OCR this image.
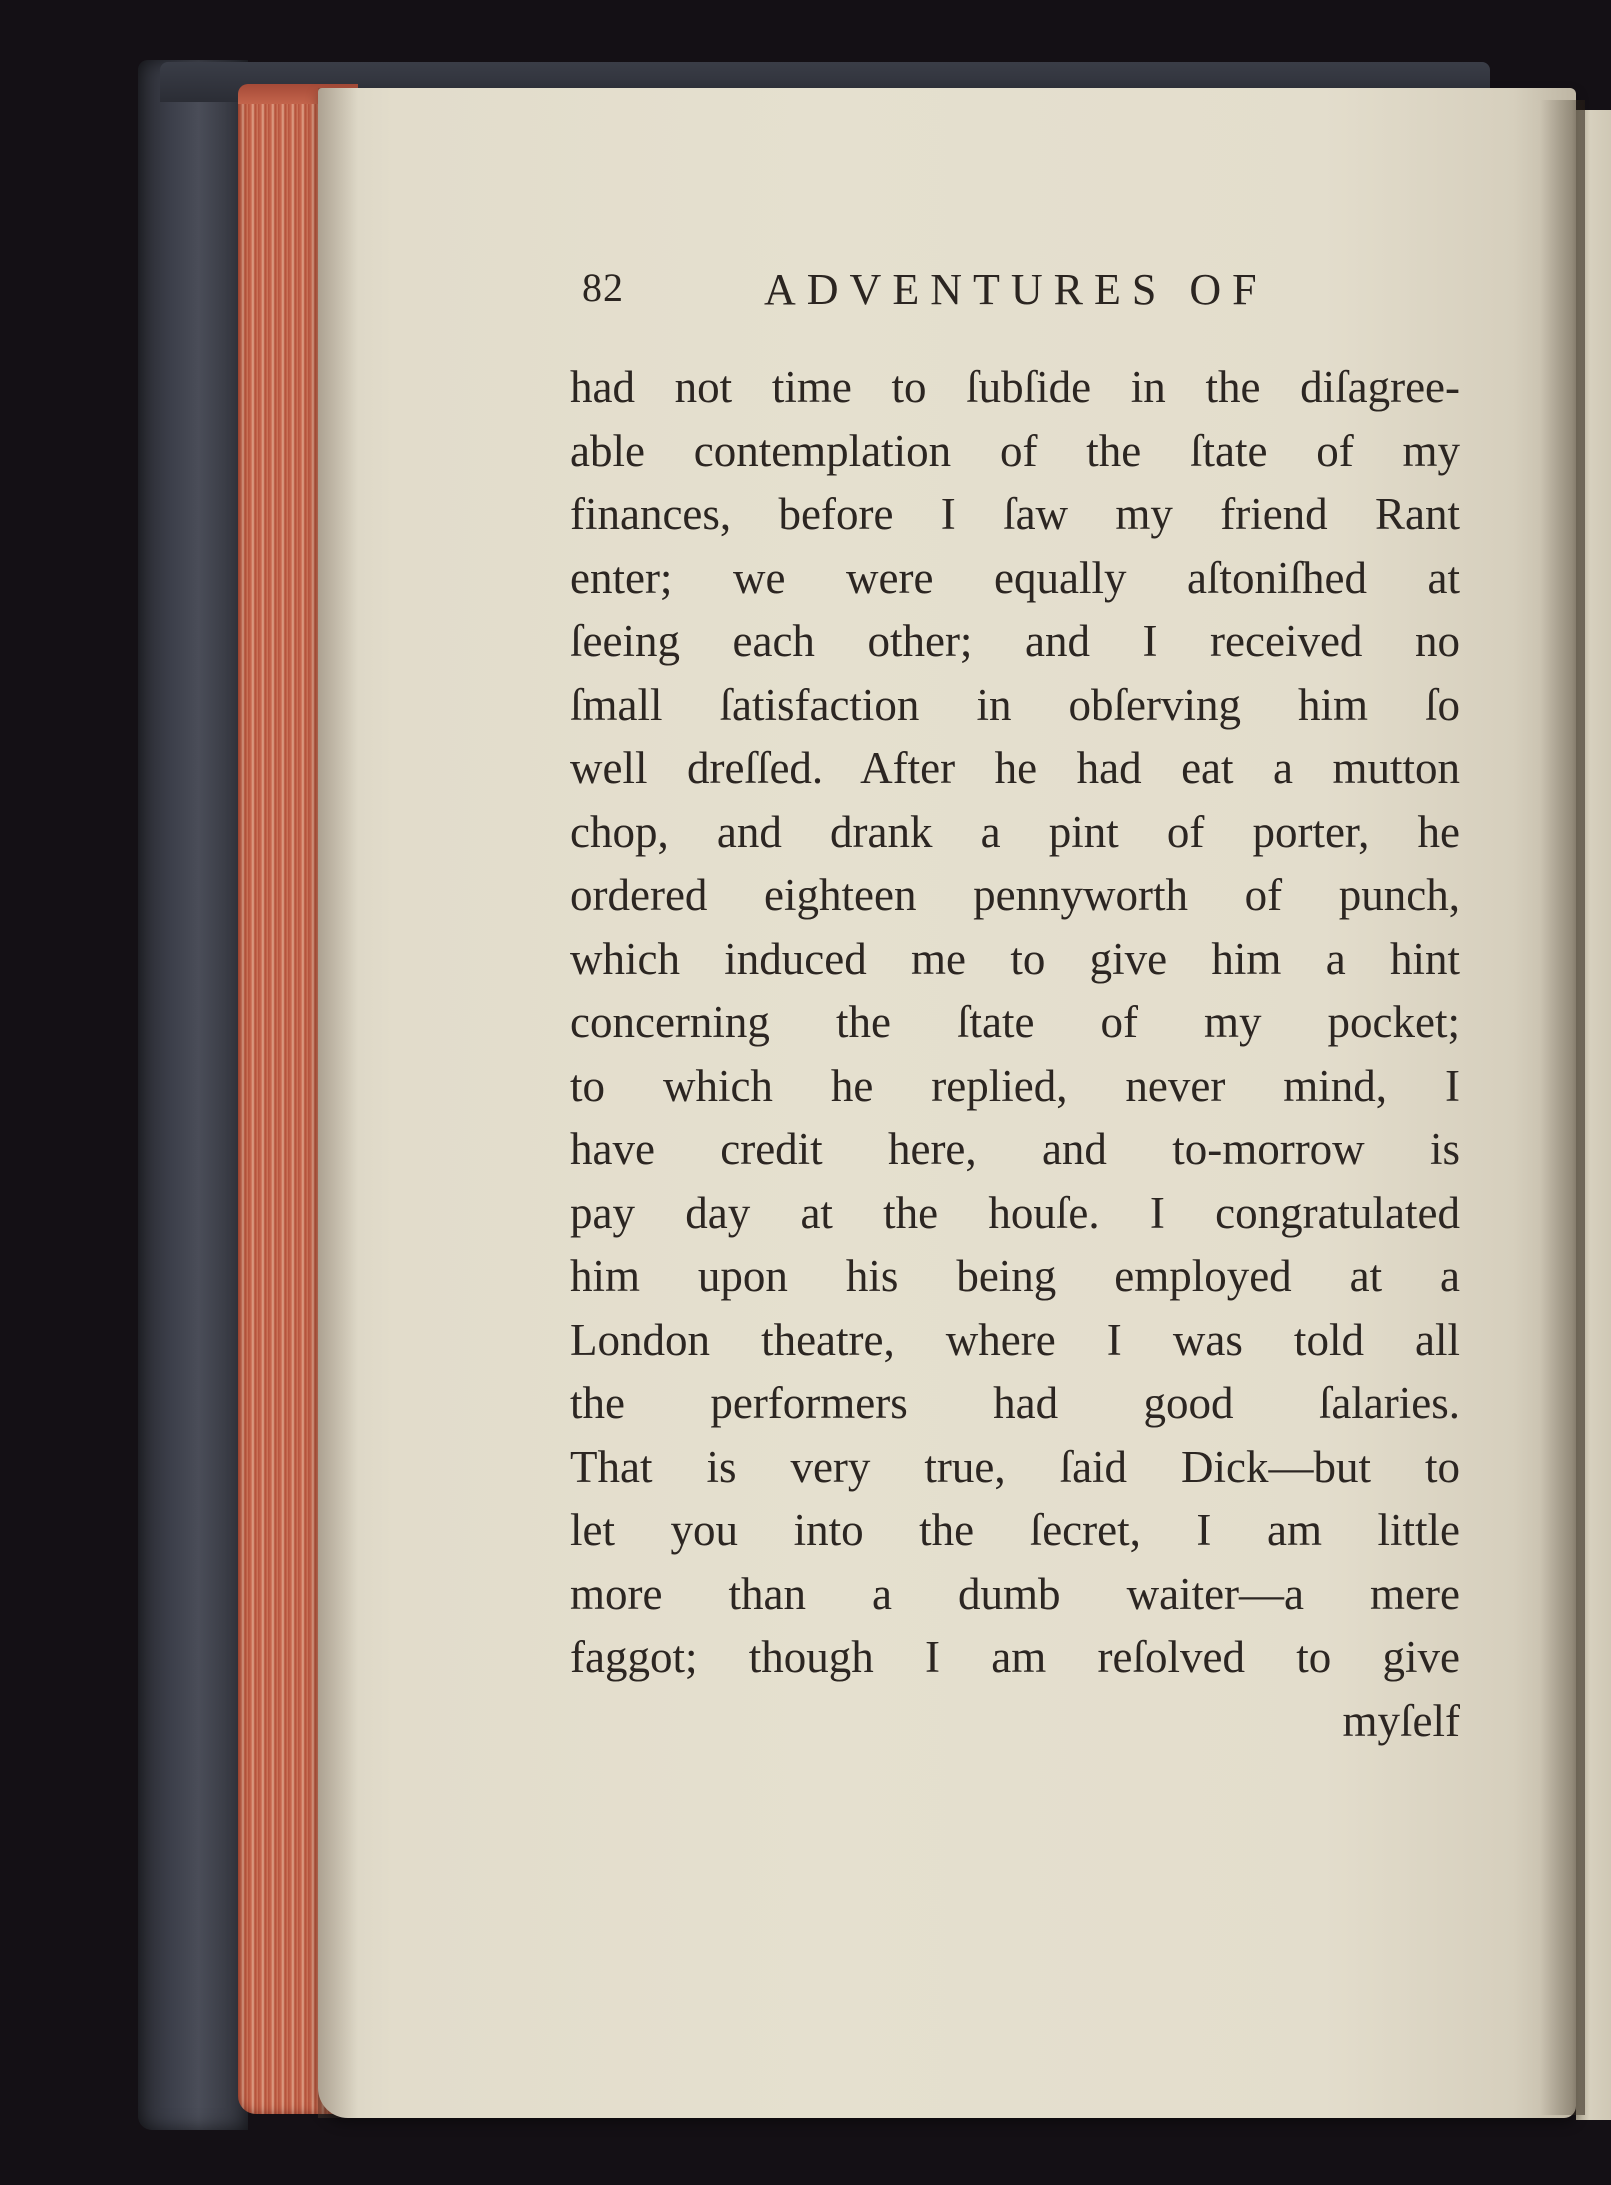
82	ADVENTURES OF
had not time to ſubſide in the diſagree-
able contemplation of the ſtate of my
finances, before I ſaw my friend Rant
enter; we were equally aſtoniſhed at
ſeeing each other; and I received no
ſmall ſatisfaction in obſerving him ſo
well dreſſed. After he had eat a mutton
chop, and drank a pint of porter, he
ordered eighteen pennyworth of punch,
which induced me to give him a hint
concerning the ſtate of my pocket;
to which he replied, never mind, I
have credit here, and to-morrow is
pay day at the houſe. I congratulated
him upon his being employed at a
London theatre, where I was told all
the performers had good ſalaries.
That is very true, ſaid Dick—but to
let you into the ſecret, I am little
more than a dumb waiter—a mere
faggot; though I am reſolved to give
myſelf
